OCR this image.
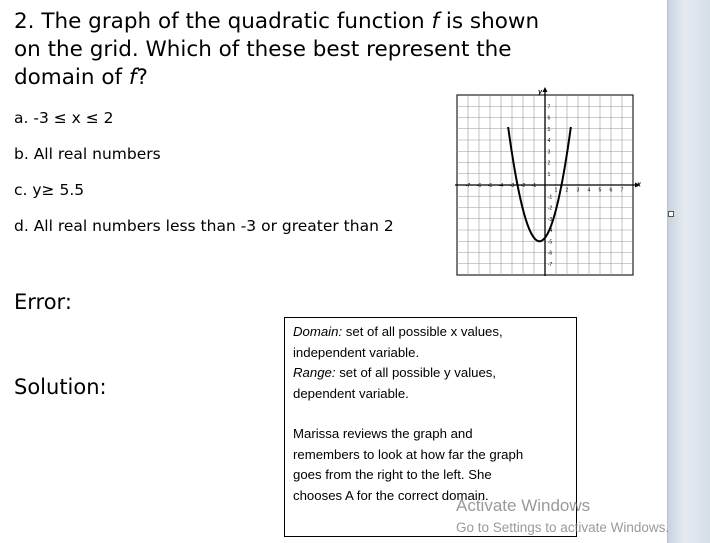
2. The graph of the quadratic function f is shown
on the grid. Which of these best represent the
domain of f?
a. -3 ≤ x ≤ 2
b. All real numbers
c. y≥ 5.5
d. All real numbers less than -3 or greater than 2
Error:
Solution:
-7 -6 -5 -4 -3 -2 -1
1 2 3 4 5 6 7
1
2
3
4
5
6
7
-1
-2
-3
-4
-5
-6
-7
y
x

Domain: set of all possible x values,

independent variable.

Range: set of all possible y values,

dependent variable.

Marissa reviews the graph and

remembers to look at how far the graph

goes from the right to the left. She

chooses A for the correct domain.

Activate Windows
Go to Settings to activate Windows.
